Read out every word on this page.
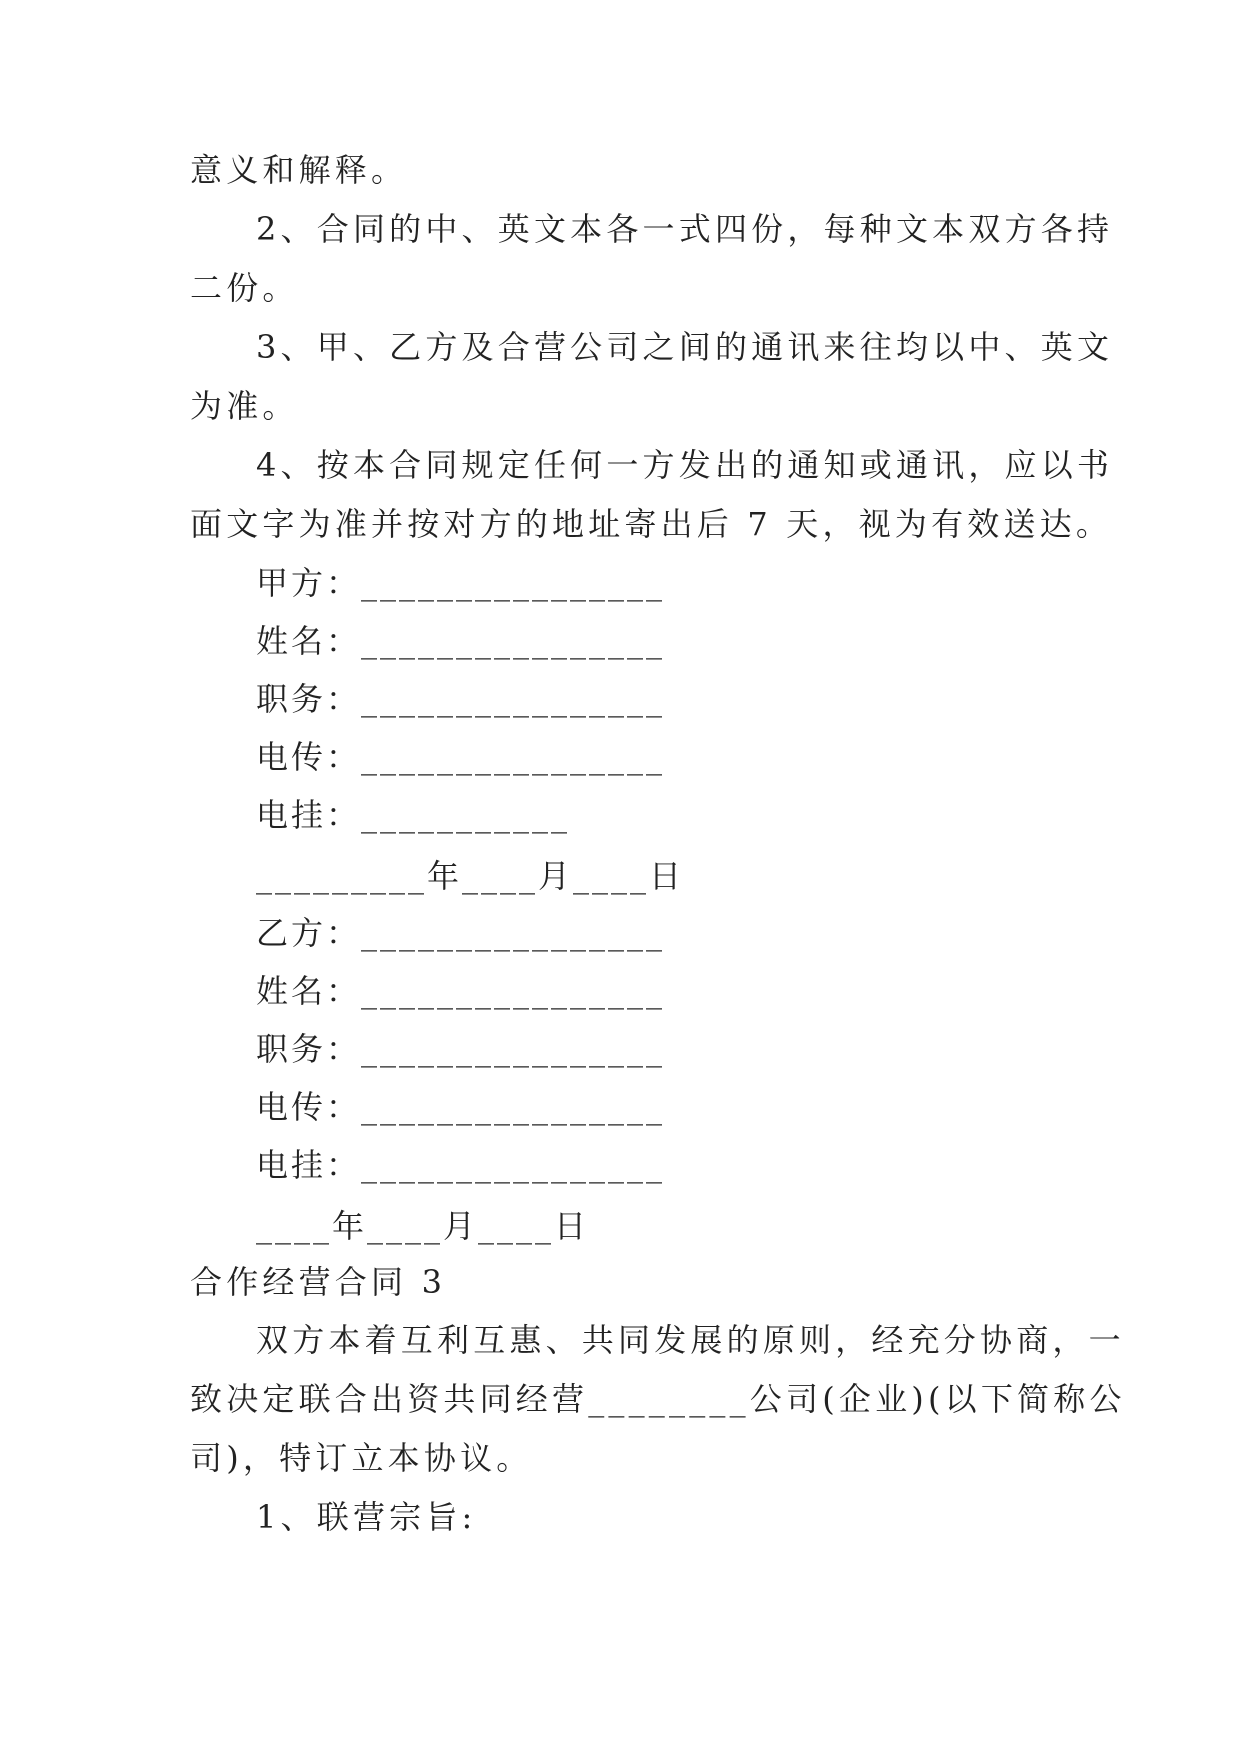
意义和解释。
2、合同的中、英文本各一式四份，每种文本双方各持
二份。
3、甲、乙方及合营公司之间的通讯来往均以中、英文
为准。
4、按本合同规定任何一方发出的通知或通讯，应以书
面文字为准并按对方的地址寄出后 7 天，视为有效送达。
甲方：________________
姓名：________________
职务：________________
电传：________________
电挂：___________
_________年____月____日
乙方：________________
姓名：________________
职务：________________
电传：________________
电挂：________________
____年____月____日
合作经营合同 3
双方本着互利互惠、共同发展的原则，经充分协商，一
致决定联合出资共同经营________公司(企业)(以下简称公
司)，特订立本协议。
1、联营宗旨:
